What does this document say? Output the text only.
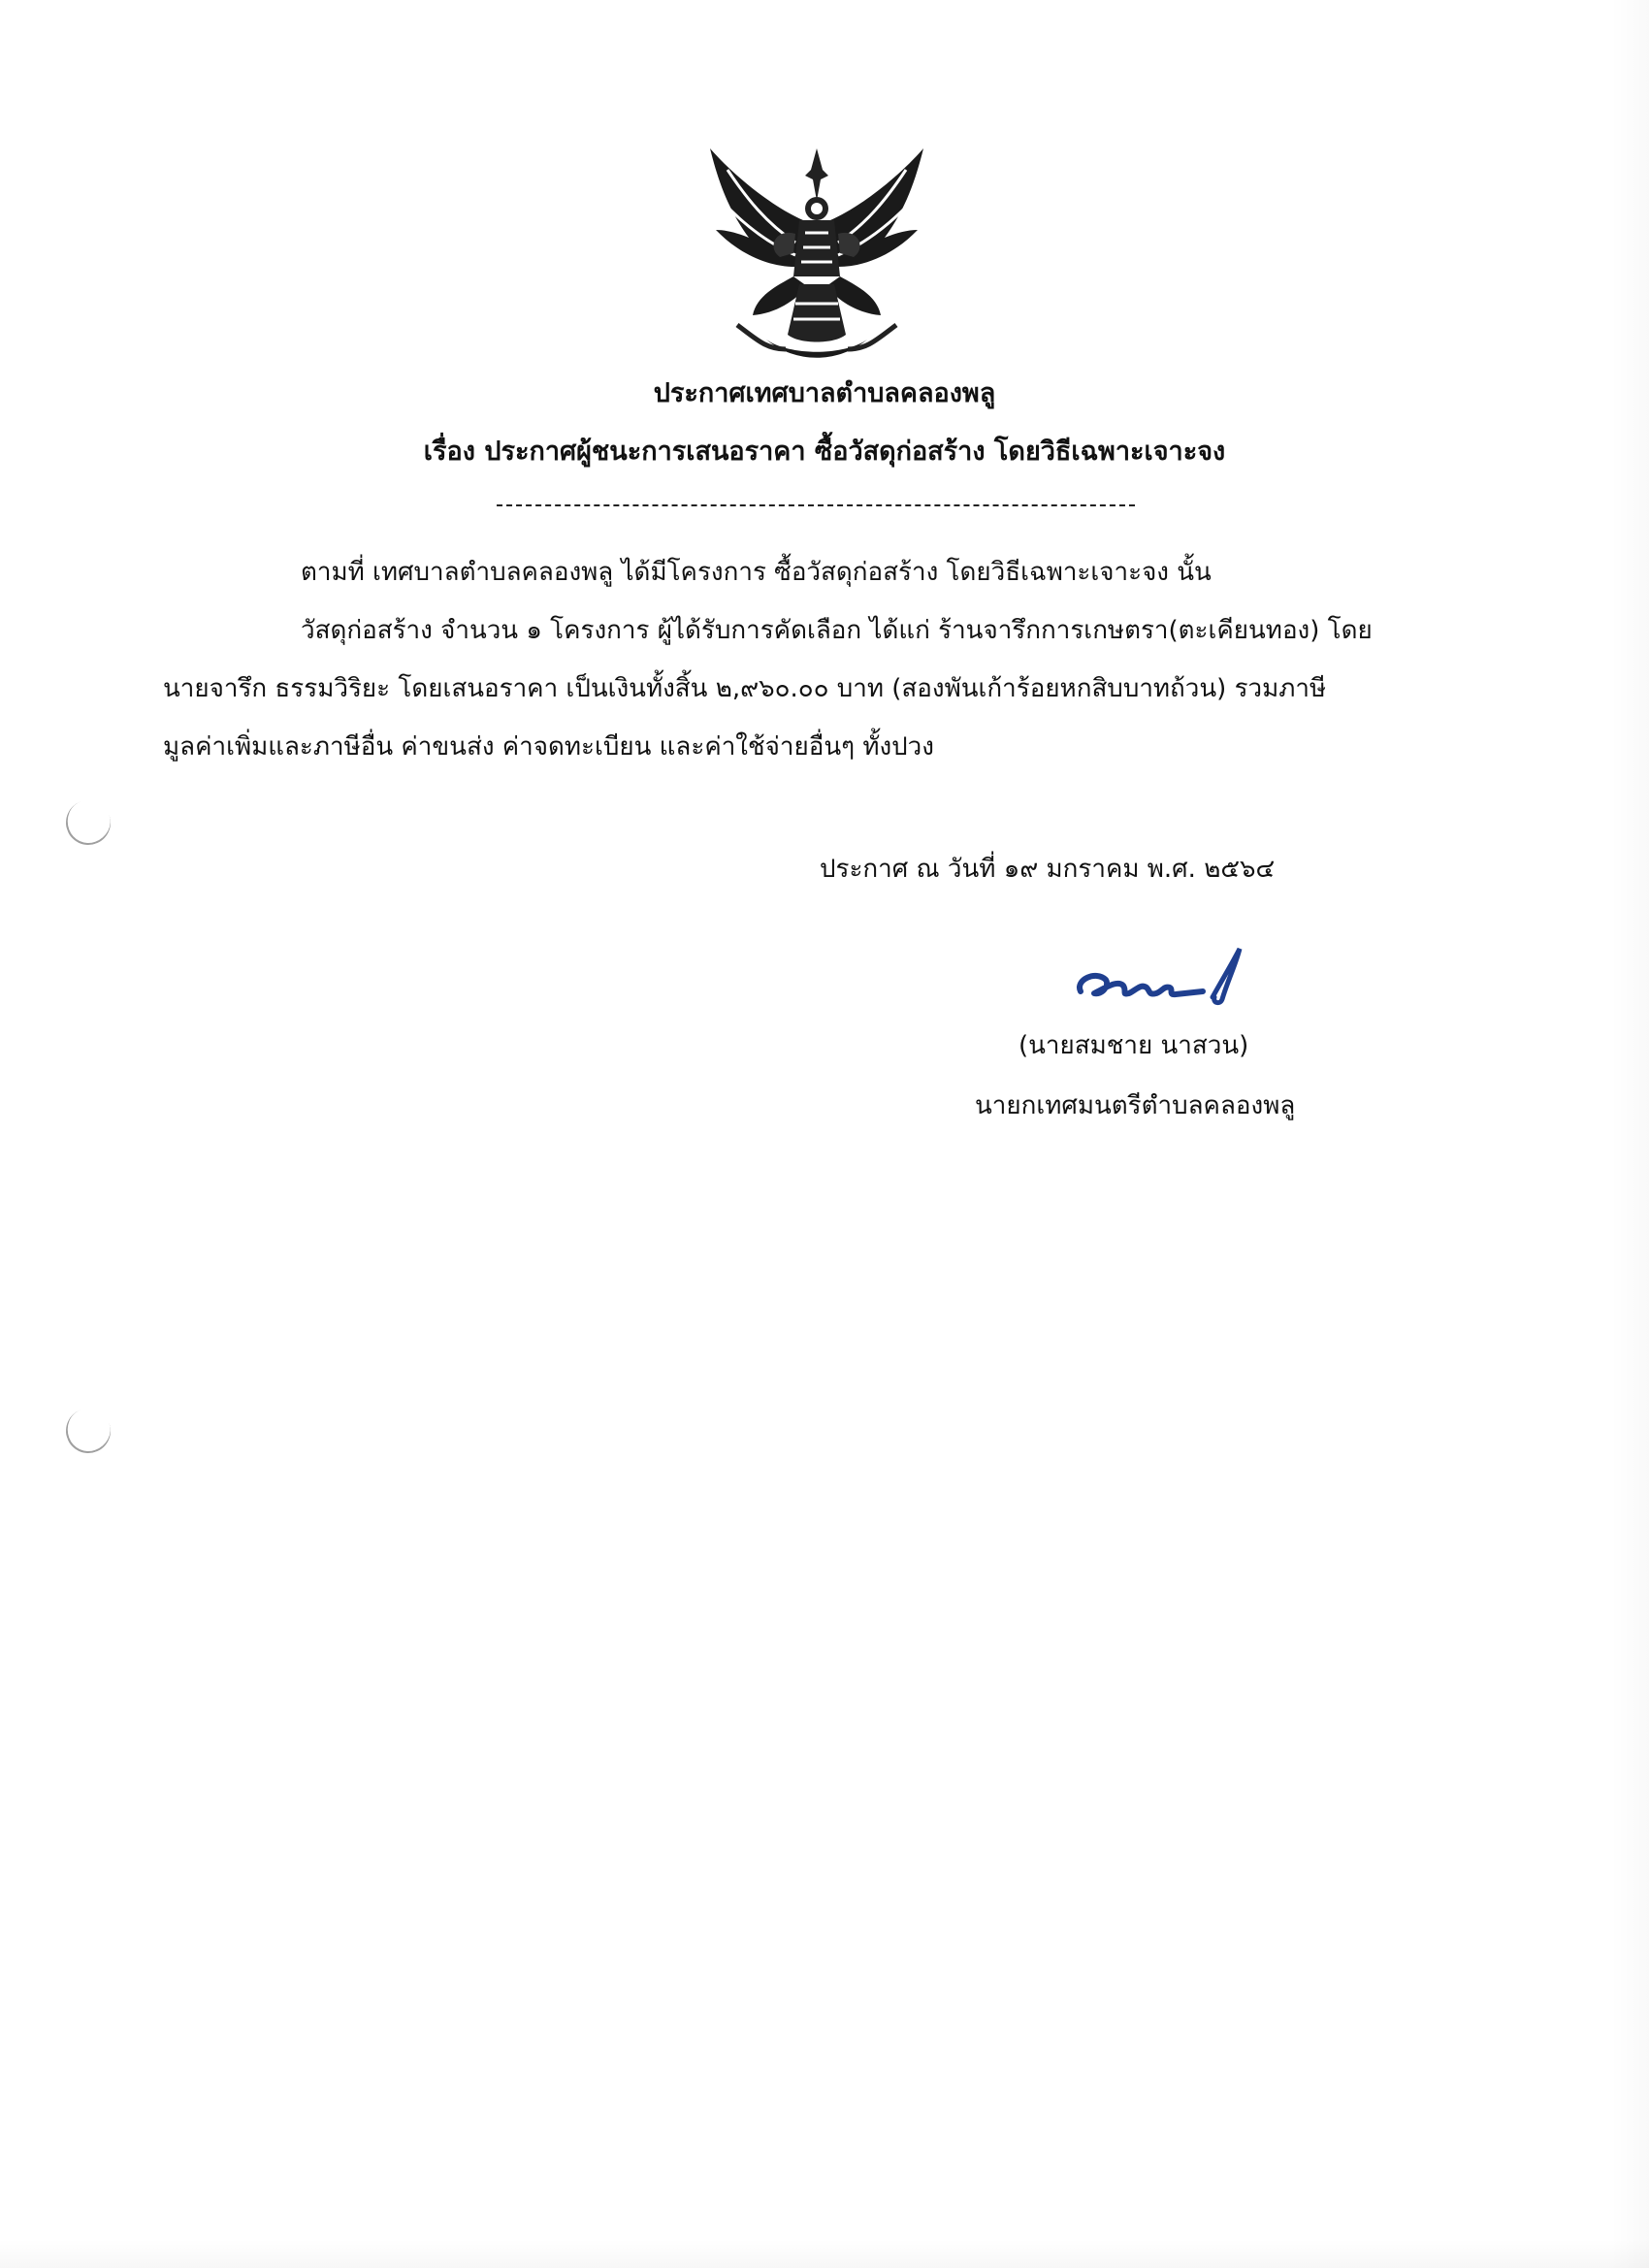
ประกาศเทศบาลตำบลคลองพลู
เรื่อง ประกาศผู้ชนะการเสนอราคา ซื้อวัสดุก่อสร้าง โดยวิธีเฉพาะเจาะจง
ตามที่ เทศบาลตำบลคลองพลู ได้มีโครงการ ซื้อวัสดุก่อสร้าง โดยวิธีเฉพาะเจาะจง นั้น
วัสดุก่อสร้าง จำนวน ๑ โครงการ ผู้ได้รับการคัดเลือก ได้แก่ ร้านจารึกการเกษตรา(ตะเคียนทอง) โดย
นายจารึก ธรรมวิริยะ โดยเสนอราคา เป็นเงินทั้งสิ้น ๒,๙๖๐.๐๐ บาท (สองพันเก้าร้อยหกสิบบาทถ้วน) รวมภาษี
มูลค่าเพิ่มและภาษีอื่น ค่าขนส่ง ค่าจดทะเบียน และค่าใช้จ่ายอื่นๆ ทั้งปวง
ประกาศ ณ วันที่ ๑๙ มกราคม พ.ศ. ๒๕๖๔
(นายสมชาย นาสวน)
นายกเทศมนตรีตำบลคลองพลู
